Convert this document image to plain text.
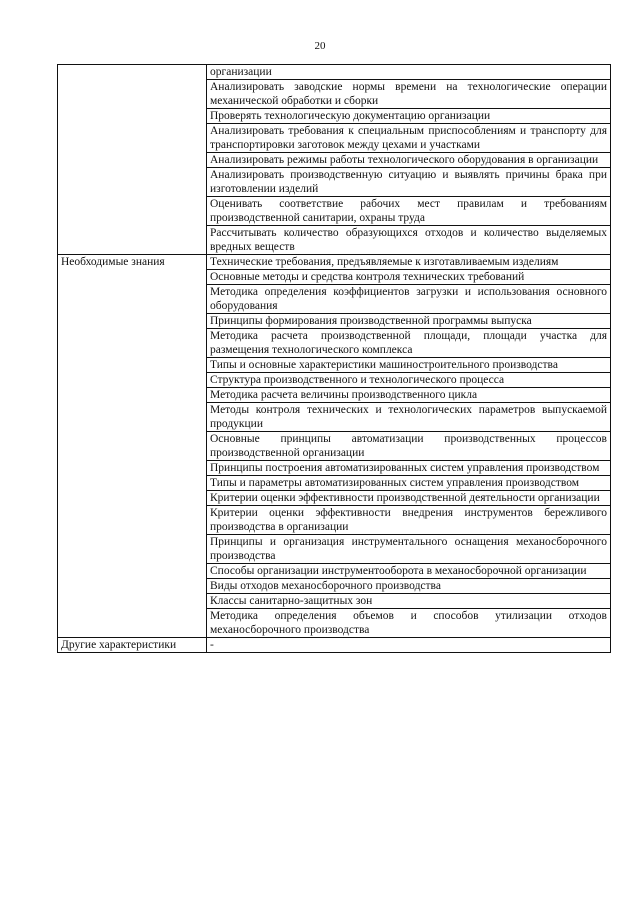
20
	организации
	Анализировать заводские нормы времени на технологические операции механической обработки и сборки
	Проверять технологическую документацию организации
	Анализировать требования к специальным приспособлениям и транспорту для транспортировки заготовок между цехами и участками
	Анализировать режимы работы технологического оборудования в организации
	Анализировать производственную ситуацию и выявлять причины брака при изготовлении изделий
	Оценивать соответствие рабочих мест правилам и требованиям производственной санитарии, охраны труда
	Рассчитывать количество образующихся отходов и количество выделяемых вредных веществ
Необходимые знания	Технические требования, предъявляемые к изготавливаемым изделиям
	Основные методы и средства контроля технических требований
	Методика определения коэффициентов загрузки и использования основного оборудования
	Принципы формирования производственной программы выпуска
	Методика расчета производственной площади, площади участка для размещения технологического комплекса
	Типы и основные характеристики машиностроительного производства
	Структура производственного и технологического процесса
	Методика расчета величины производственного цикла
	Методы контроля технических и технологических параметров выпускаемой продукции
	Основные принципы автоматизации производственных процессов производственной организации
	Принципы построения автоматизированных систем управления производством
	Типы и параметры автоматизированных систем управления производством
	Критерии оценки эффективности производственной деятельности организации
	Критерии оценки эффективности внедрения инструментов бережливого производства в организации
	Принципы и организация инструментального оснащения механосборочного производства
	Способы организации инструментооборота в механосборочной организации
	Виды отходов механосборочного производства
	Классы санитарно-защитных зон
	Методика определения объемов и способов утилизации отходов механосборочного производства
Другие характеристики	-
